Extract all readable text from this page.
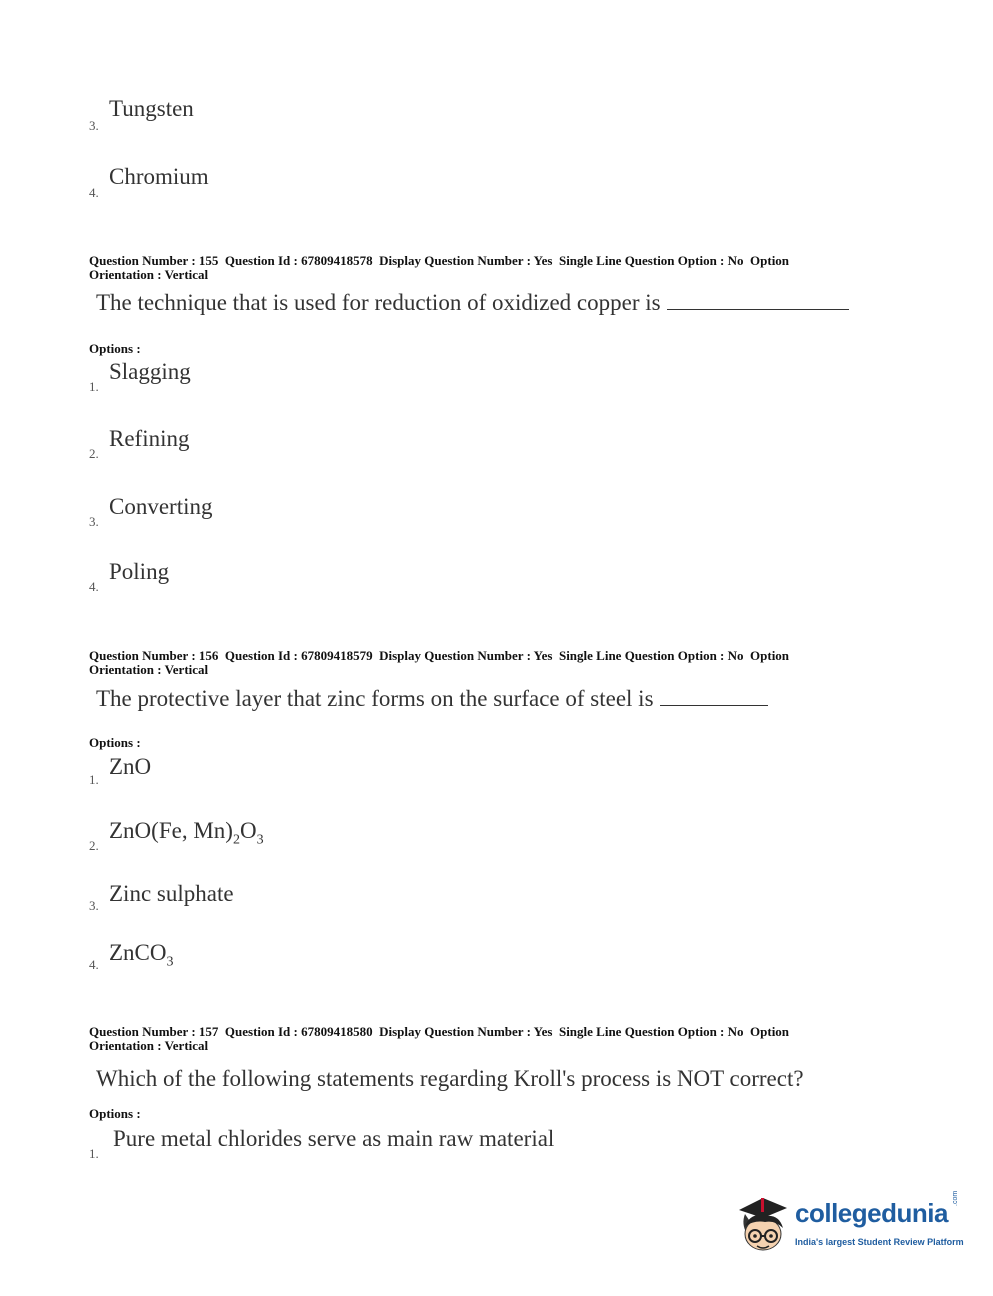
3.
Tungsten
4.
Chromium
Question Number : 155  Question Id : 67809418578  Display Question Number : Yes  Single Line Question Option : No  Option
Orientation : Vertical
The technique that is used for reduction of oxidized copper is
Options :
1.
Slagging
2.
Refining
3.
Converting
4.
Poling
Question Number : 156  Question Id : 67809418579  Display Question Number : Yes  Single Line Question Option : No  Option
Orientation : Vertical
The protective layer that zinc forms on the surface of steel is
Options :
1.
ZnO
2.
ZnO(Fe, $Mn)_2O_3$
3. Zinc sulphate
4. ZnCO$_3$
Question Number : 157  Question Id : 67809418580  Display Question Number : Yes  Single Line Question Option : No  Option
Orientation : Vertical
Which of the following statements regarding Kroll's process is NOT correct?
Options :
1.
Pure metal chlorides serve as main raw material
collegedunia .com
India's largest Student Review Platform
